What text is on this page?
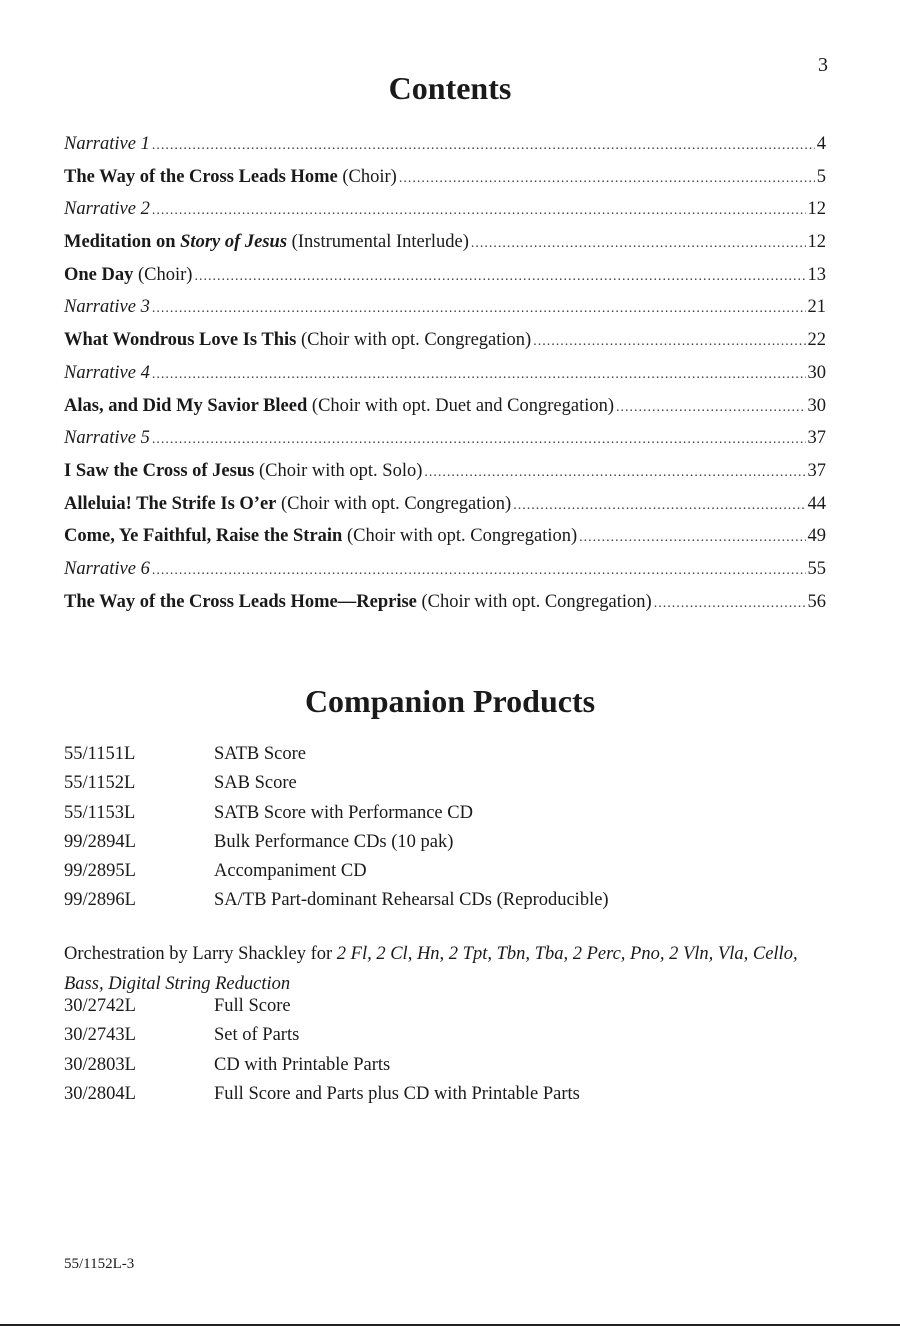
3
Contents
Narrative 1 .....	4
The Way of the Cross Leads Home (Choir) .....	5
Narrative 2 .....	12
Meditation on Story of Jesus (Instrumental Interlude) .....	12
One Day (Choir) .....	13
Narrative 3 .....	21
What Wondrous Love Is This (Choir with opt. Congregation) .....	22
Narrative 4 .....	30
Alas, and Did My Savior Bleed (Choir with opt. Duet and Congregation) .....	30
Narrative 5 .....	37
I Saw the Cross of Jesus (Choir with opt. Solo) .....	37
Alleluia! The Strife Is O’er (Choir with opt. Congregation) .....	44
Come, Ye Faithful, Raise the Strain (Choir with opt. Congregation) .....	49
Narrative 6 .....	55
The Way of the Cross Leads Home—Reprise (Choir with opt. Congregation) .....	56
Companion Products
55/1151L	SATB Score
55/1152L	SAB Score
55/1153L	SATB Score with Performance CD
99/2894L	Bulk Performance CDs (10 pak)
99/2895L	Accompaniment CD
99/2896L	SA/TB Part-dominant Rehearsal CDs (Reproducible)
Orchestration by Larry Shackley for 2 Fl, 2 Cl, Hn, 2 Tpt, Tbn, Tba, 2 Perc, Pno, 2 Vln, Vla, Cello, Bass, Digital String Reduction
30/2742L	Full Score
30/2743L	Set of Parts
30/2803L	CD with Printable Parts
30/2804L	Full Score and Parts plus CD with Printable Parts
55/1152L-3
